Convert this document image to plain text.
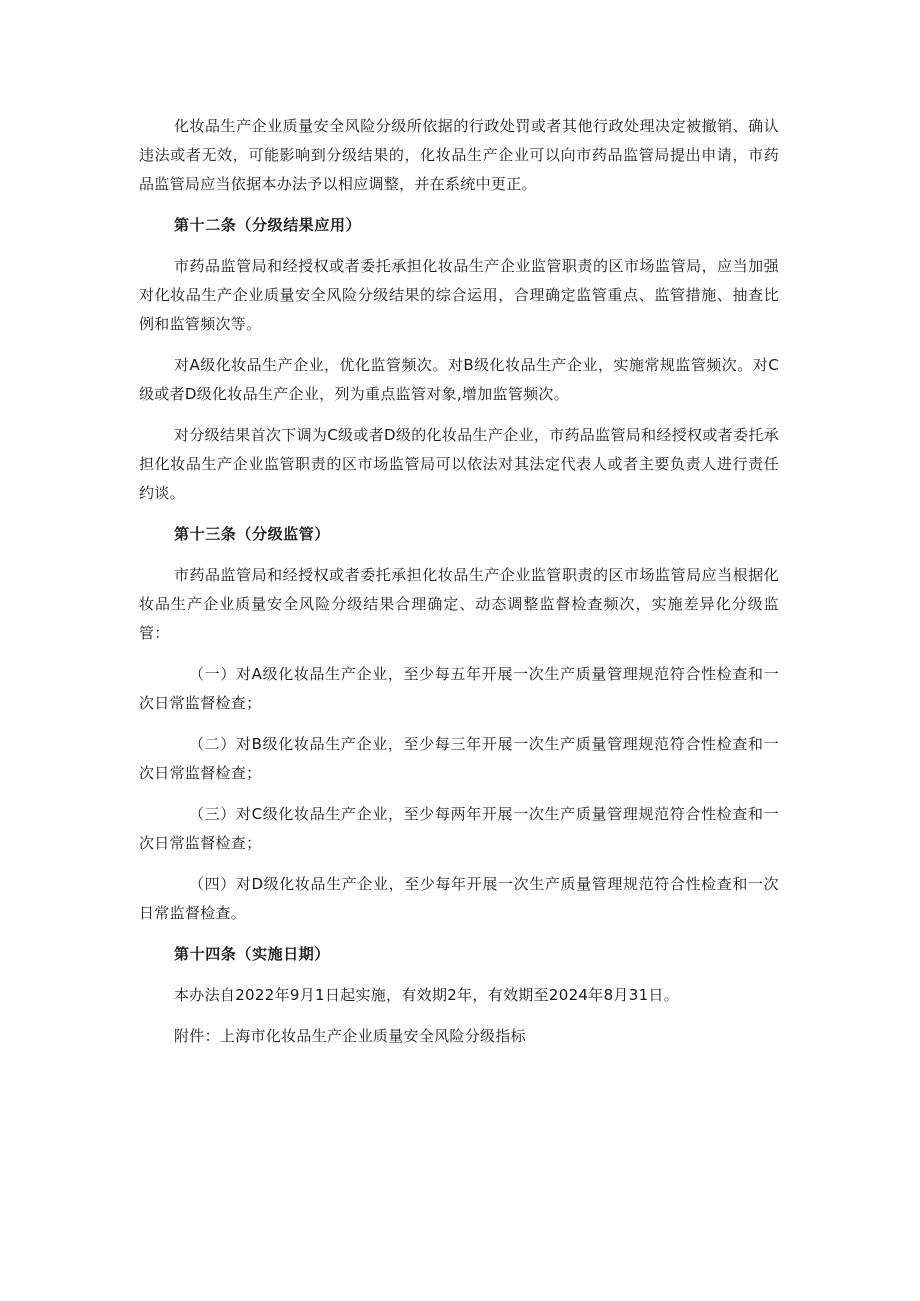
化妆品生产企业质量安全风险分级所依据的行政处罚或者其他行政处理决定被撤销、确认违法或者无效，可能影响到分级结果的，化妆品生产企业可以向市药品监管局提出申请，市药品监管局应当依据本办法予以相应调整，并在系统中更正。

第十二条（分级结果应用）

市药品监管局和经授权或者委托承担化妆品生产企业监管职责的区市场监管局，应当加强对化妆品生产企业质量安全风险分级结果的综合运用，合理确定监管重点、监管措施、抽查比例和监管频次等。

对A级化妆品生产企业，优化监管频次。对B级化妆品生产企业，实施常规监管频次。对C级或者D级化妆品生产企业，列为重点监管对象,增加监管频次。

对分级结果首次下调为C级或者D级的化妆品生产企业，市药品监管局和经授权或者委托承担化妆品生产企业监管职责的区市场监管局可以依法对其法定代表人或者主要负责人进行责任约谈。

第十三条（分级监管）

市药品监管局和经授权或者委托承担化妆品生产企业监管职责的区市场监管局应当根据化妆品生产企业质量安全风险分级结果合理确定、动态调整监督检查频次，实施差异化分级监管：

（一）对A级化妆品生产企业，至少每五年开展一次生产质量管理规范符合性检查和一次日常监督检查；

（二）对B级化妆品生产企业，至少每三年开展一次生产质量管理规范符合性检查和一次日常监督检查；

（三）对C级化妆品生产企业，至少每两年开展一次生产质量管理规范符合性检查和一次日常监督检查；

（四）对D级化妆品生产企业，至少每年开展一次生产质量管理规范符合性检查和一次日常监督检查。

第十四条（实施日期）

本办法自2022年9月1日起实施，有效期2年，有效期至2024年8月31日。

附件：上海市化妆品生产企业质量安全风险分级指标
